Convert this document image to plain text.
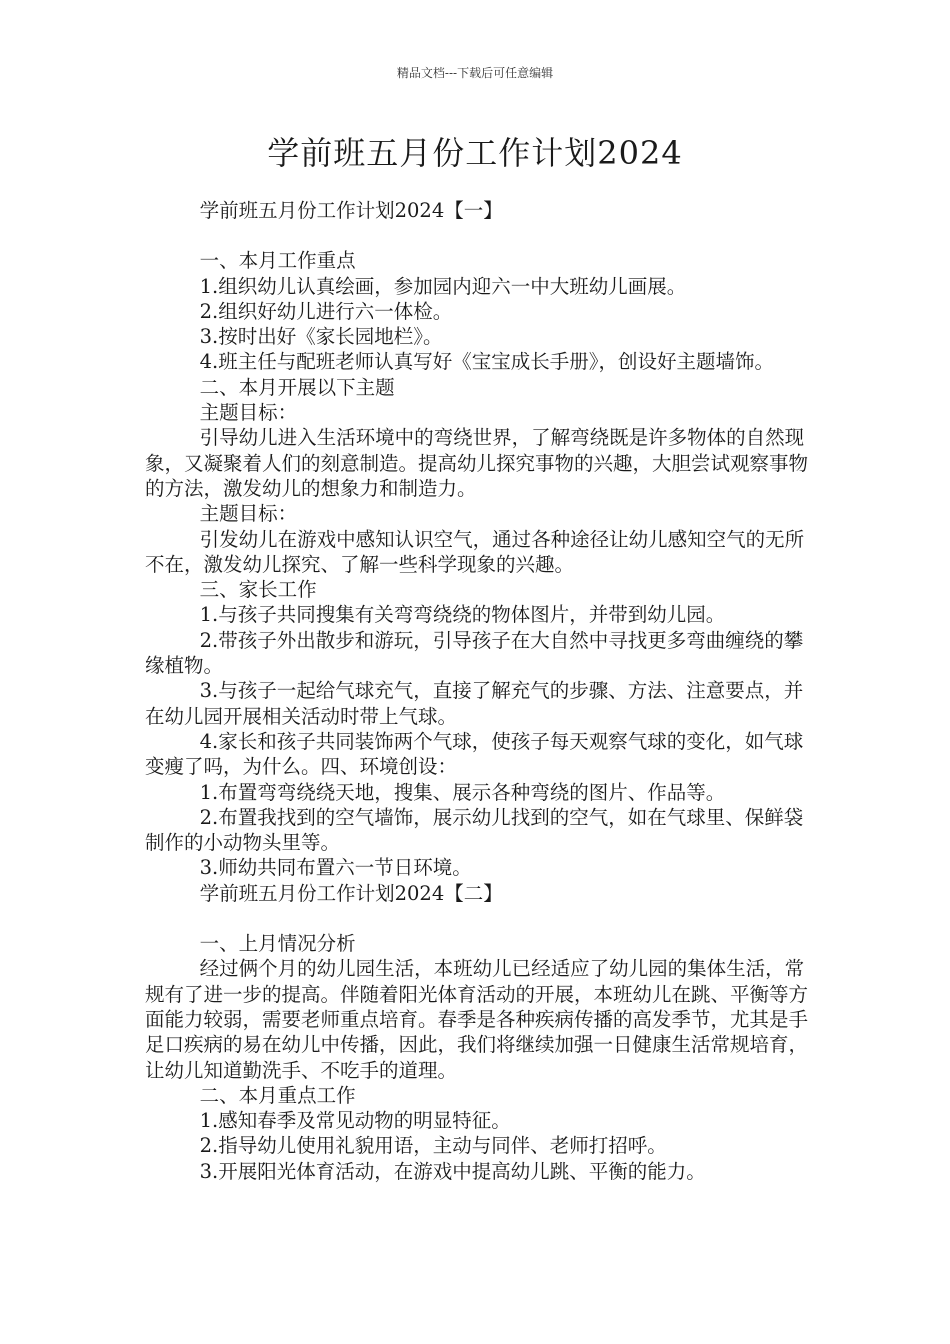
精品文档---下载后可任意编辑
学前班五月份工作计划2024

学前班五月份工作计划2024【一】

一、本月工作重点

1.组织幼儿认真绘画，参加园内迎六一中大班幼儿画展。

2.组织好幼儿进行六一体检。

3.按时出好《家长园地栏》。

4.班主任与配班老师认真写好《宝宝成长手册》，创设好主题墙饰。

二、本月开展以下主题

主题目标：

引导幼儿进入生活环境中的弯绕世界，了解弯绕既是许多物体的自然现象，又凝聚着人们的刻意制造。提高幼儿探究事物的兴趣，大胆尝试观察事物的方法，激发幼儿的想象力和制造力。

主题目标：

引发幼儿在游戏中感知认识空气，通过各种途径让幼儿感知空气的无所不在，激发幼儿探究、了解一些科学现象的兴趣。

三、家长工作

1.与孩子共同搜集有关弯弯绕绕的物体图片，并带到幼儿园。

2.带孩子外出散步和游玩，引导孩子在大自然中寻找更多弯曲缠绕的攀缘植物。

3.与孩子一起给气球充气，直接了解充气的步骤、方法、注意要点，并在幼儿园开展相关活动时带上气球。

4.家长和孩子共同装饰两个气球，使孩子每天观察气球的变化，如气球变瘦了吗，为什么。四、环境创设：

1.布置弯弯绕绕天地，搜集、展示各种弯绕的图片、作品等。

2.布置我找到的空气墙饰，展示幼儿找到的空气，如在气球里、保鲜袋制作的小动物头里等。

3.师幼共同布置六一节日环境。

学前班五月份工作计划2024【二】

一、上月情况分析

经过俩个月的幼儿园生活，本班幼儿已经适应了幼儿园的集体生活，常规有了进一步的提高。伴随着阳光体育活动的开展，本班幼儿在跳、平衡等方面能力较弱，需要老师重点培育。春季是各种疾病传播的高发季节，尤其是手足口疾病的易在幼儿中传播，因此，我们将继续加强一日健康生活常规培育，让幼儿知道勤洗手、不吃手的道理。

二、本月重点工作

1.感知春季及常见动物的明显特征。

2.指导幼儿使用礼貌用语，主动与同伴、老师打招呼。

3.开展阳光体育活动，在游戏中提高幼儿跳、平衡的能力。
